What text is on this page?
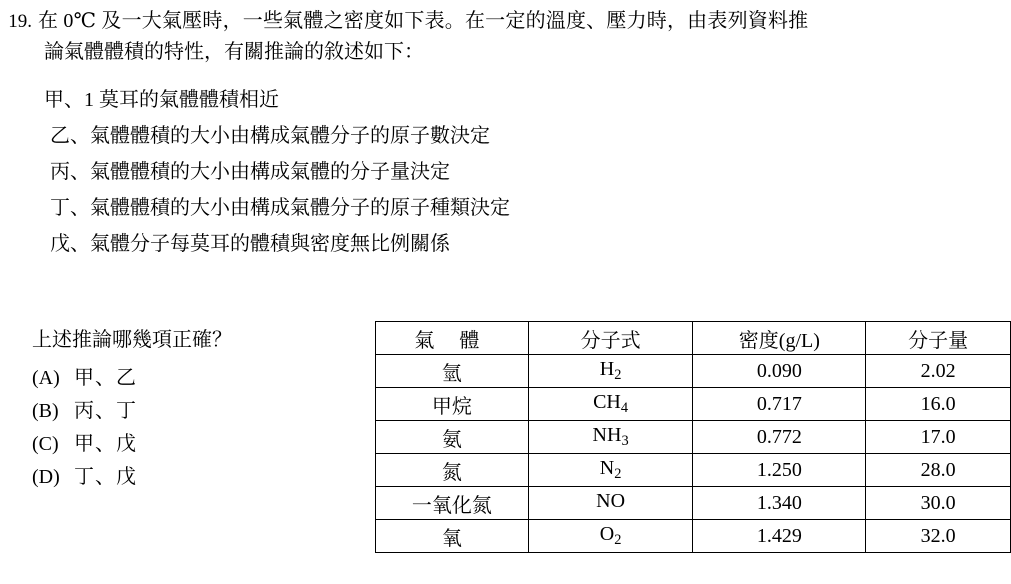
19. 在 0℃ 及一大氣壓時，一些氣體之密度如下表。在一定的溫度、壓力時，由表列資料推
論氣體體積的特性，有關推論的敘述如下：
甲、1 莫耳的氣體體積相近
乙、氣體體積的大小由構成氣體分子的原子數決定
丙、氣體體積的大小由構成氣體的分子量決定
丁、氣體體積的大小由構成氣體分子的原子種類決定
戊、氣體分子每莫耳的體積與密度無比例關係
上述推論哪幾項正確？
(A) 甲、乙
(B) 丙、丁
(C) 甲、戊
(D) 丁、戊
氣 體	分子式	密度(g/L)	分子量
氫	$H_2$	0.090	2.02
甲烷	$CH_4$	0.717	16.0
氨	$NH_3$	0.772	17.0
氮	$N_2$	1.250	28.0
一氧化氮	NO	1.340	30.0
氧	$O_2$	1.429	32.0
